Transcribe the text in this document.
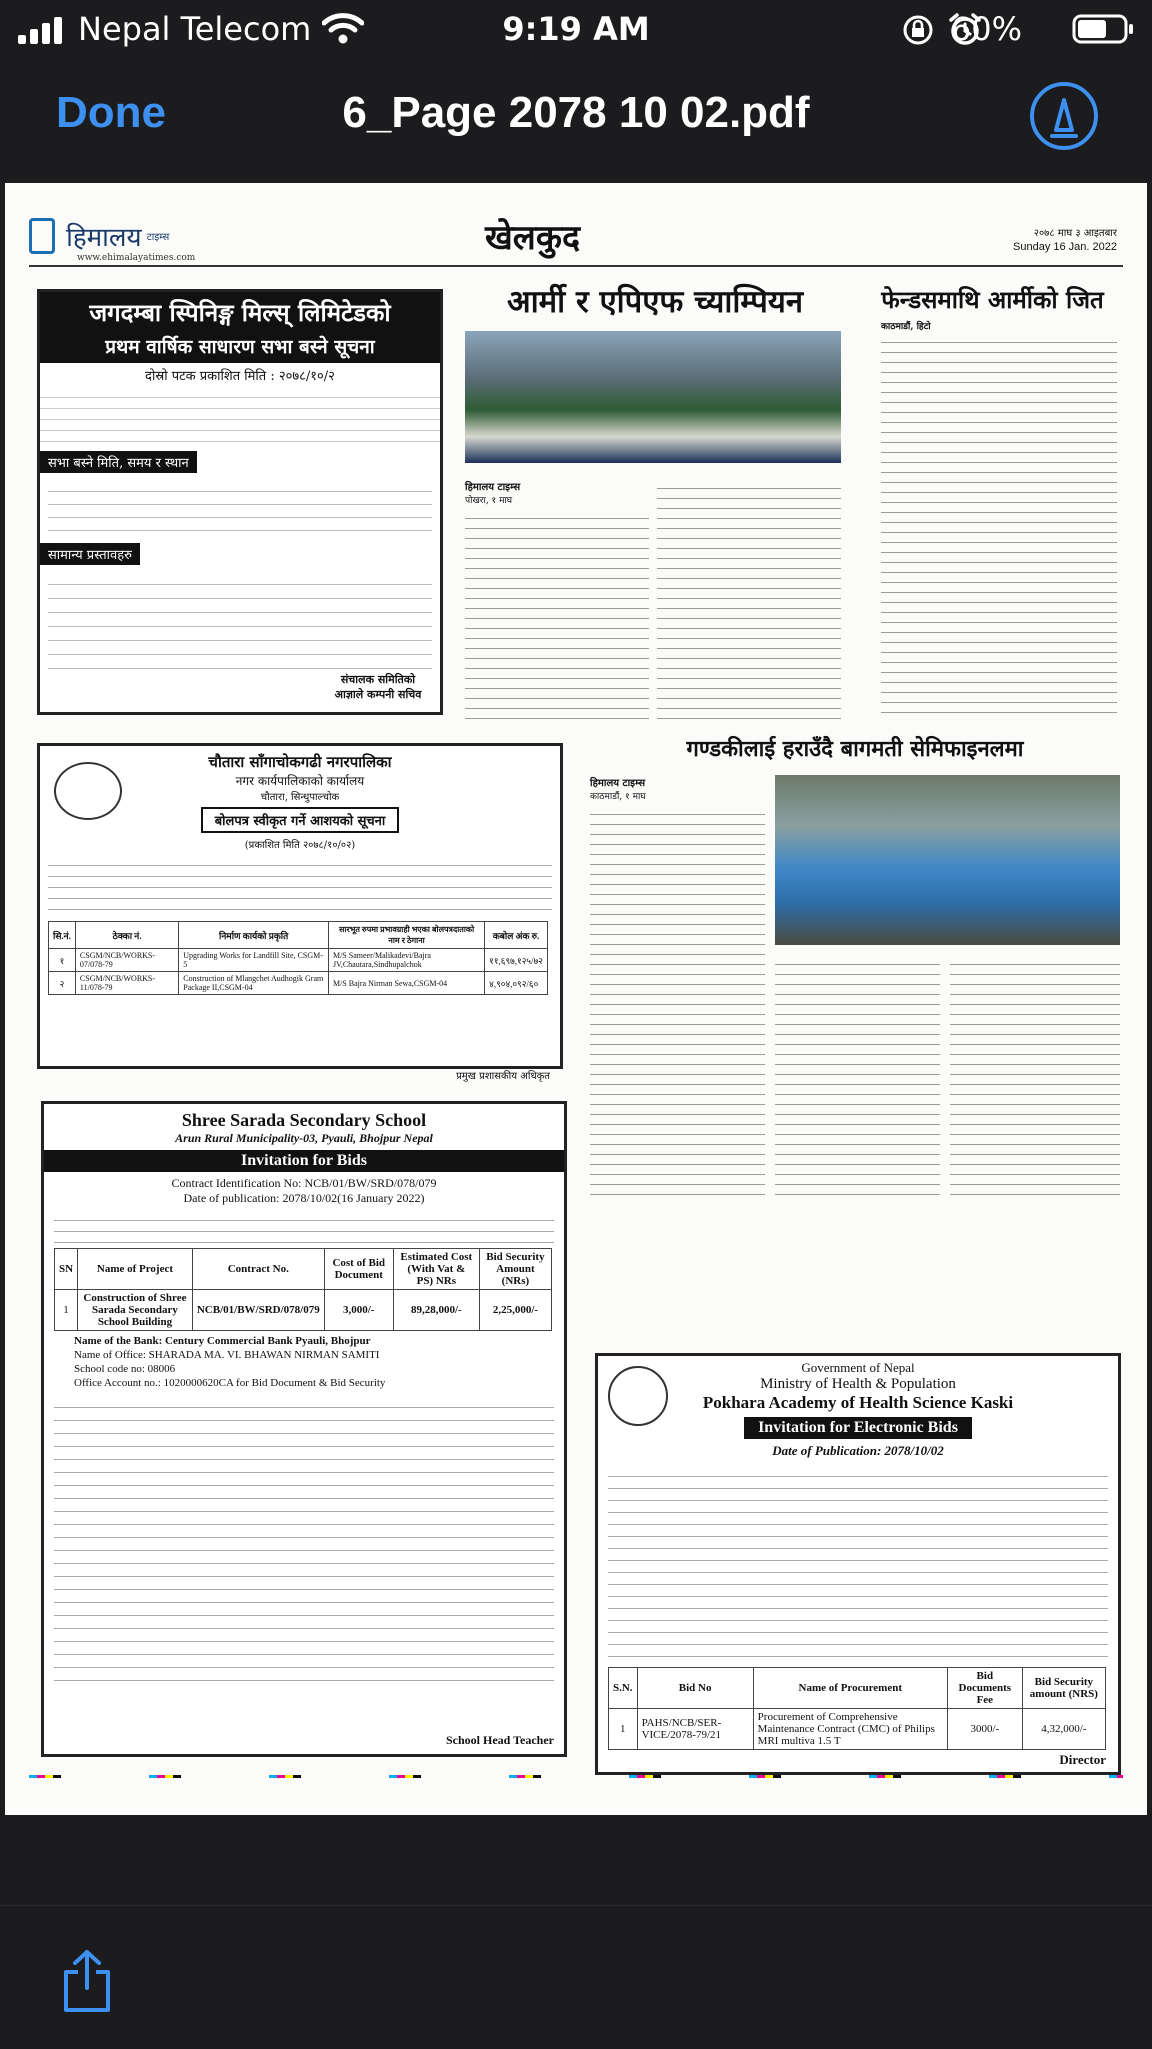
Nepal Telecom	9:19 AM	60%
Done	6_Page 2078 10 02.pdf
हिमालय टाइम्स
www.ehimalayatimes.com	खेलकुद	२०७८ माघ ३ आइतबार
Sunday 16 Jan. 2022
जगदम्बा स्पिनिङ्ग मिल्स् लिमिटेडको
प्रथम वार्षिक साधारण सभा बस्ने सूचना
दोस्रो पटक प्रकाशित मिति : २०७८/१०/२
सभा बस्ने मिति, समय र स्थान
सामान्य प्रस्तावहरु
संचालक समितिको आज्ञाले कम्पनी सचिव
आर्मी र एपिएफ च्याम्पियन
हिमालय टाइम्स
पोखरा, १ माघ
फेन्डसमाथि आर्मीको जित
काठमाडौं, हिटो
चौतारा साँगाचोकगढी नगरपालिका
नगर कार्यपालिकाको कार्यालय
चौतारा, सिन्धुपाल्चोक
बोलपत्र स्वीकृत गर्ने आशयको सूचना
(प्रकाशित मिति २०७८/१०/०२)
सि.नं.	ठेक्का नं.	निर्माण कार्यको प्रकृति	सारभूत रुपमा प्रभावग्राही भएका बोलपत्रदाताको नाम र ठेगाना	कबोल अंक रु.
१	CSGM/NCB/WORKS-07/078-79	Upgrading Works for Landfill Site, CSGM-5	M/S Sameer/Malikadevi/Bajra JV,Chautara,Sindhupalchok	११,६९७,१२५/७२
२	CSGM/NCB/WORKS-11/078-79	Construction of Mlangchet Audhogik Gram Package II,CSGM-04	M/S Bajra Nirman Sewa,CSGM-04	४,९०४,०९२/६०
प्रमुख प्रशासकीय अधिकृत
गण्डकीलाई हराउँदै बागमती सेमिफाइनलमा
हिमालय टाइम्स
काठमाडौं, १ माघ
Shree Sarada Secondary School
Arun Rural Municipality-03, Pyauli, Bhojpur Nepal
Invitation for Bids
Contract Identification No: NCB/01/BW/SRD/078/079
Date of publication: 2078/10/02(16 January 2022)
SN	Name of Project	Contract No.	Cost of Bid Document	Estimated Cost (With Vat & PS) NRs	Bid Security Amount (NRs)
1	Construction of Shree Sarada Secondary School Building	NCB/01/BW/SRD/078/079	3,000/-	89,28,000/-	2,25,000/-
Name of the Bank: Century Commercial Bank Pyauli, Bhojpur
Name of Office: SHARADA MA. VI. BHAWAN NIRMAN SAMITI
School code no: 08006
Office Account no.: 1020000620CA for Bid Document & Bid Security
School Head Teacher
Government of Nepal
Ministry of Health & Population
Pokhara Academy of Health Science Kaski
Invitation for Electronic Bids
Date of Publication: 2078/10/02
S.N.	Bid No	Name of Procurement	Bid Documents Fee	Bid Security amount (NRS)
1	PAHS/NCB/SER-VICE/2078-79/21	Procurement of Comprehensive Maintenance Contract (CMC) of Philips MRI multiva 1.5 T	3000/-	4,32,000/-
Director
